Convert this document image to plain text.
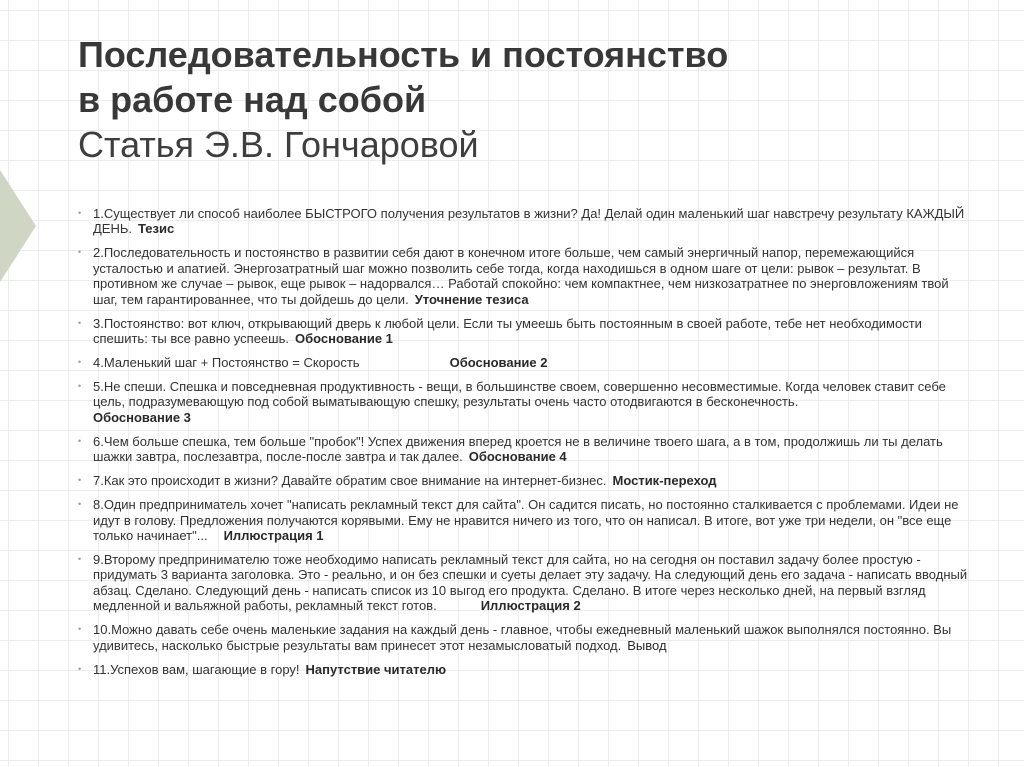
Последовательность и постоянство

в работе над собой

Статья Э.В. Гончаровой

• 1.Существует ли способ наиболее БЫСТРОГО получения результатов в жизни? Да! Делай один маленький шаг навстречу результату КАЖДЫЙ ДЕНЬ. Тезис
• 2.Последовательность и постоянство в развитии себя дают в конечном итоге больше, чем самый энергичный напор, перемежающийся усталостью и апатией. Энергозатратный шаг можно позволить себе тогда, когда находишься в одном шаге от цели: рывок – результат. В противном же случае – рывок, еще рывок – надорвался… Работай спокойно: чем компактнее, чем низкозатратнее по энерговложениям твой шаг, тем гарантированнее, что ты дойдешь до цели. Уточнение тезиса
• 3.Постоянство: вот ключ, открывающий дверь к любой цели. Если ты умеешь быть постоянным в своей работе, тебе нет необходимости спешить: ты все равно успеешь. Обоснование 1
• 4.Маленький шаг + Постоянство = Скорость	Обоснование 2
• 5.Не спеши. Спешка и повседневная продуктивность - вещи, в большинстве своем, совершенно несовместимые. Когда человек ставит себе цель, подразумевающую под собой выматывающую спешку, результаты очень часто отодвигаются в бесконечность.
Обоснование 3
• 6.Чем больше спешка, тем больше "пробок"! Успех движения вперед кроется не в величине твоего шага, а в том, продолжишь ли ты делать шажки завтра, послезавтра, после-после завтра и так далее. Обоснование 4
• 7.Как это происходит в жизни? Давайте обратим свое внимание на интернет-бизнес. Мостик-переход
• 8.Один предприниматель хочет "написать рекламный текст для сайта". Он садится писать, но постоянно сталкивается с проблемами. Идеи не идут в голову. Предложения получаются корявыми. Ему не нравится ничего из того, что он написал. В итоге, вот уже три недели, он "все еще только начинает"... Иллюстрация 1
• 9.Второму предпринимателю тоже необходимо написать рекламный текст для сайта, но на сегодня он поставил задачу более простую - придумать 3 варианта заголовка. Это - реально, и он без спешки и суеты делает эту задачу. На следующий день его задача - написать вводный абзац. Сделано. Следующий день - написать список из 10 выгод его продукта. Сделано. В итоге через несколько дней, на первый взгляд медленной и вальяжной работы, рекламный текст готов.	Иллюстрация 2
• 10.Можно давать себе очень маленькие задания на каждый день - главное, чтобы ежедневный маленький шажок выполнялся постоянно. Вы удивитесь, насколько быстрые результаты вам принесет этот незамысловатый подход. Вывод
• 11.Успехов вам, шагающие в гору! Напутствие читателю
